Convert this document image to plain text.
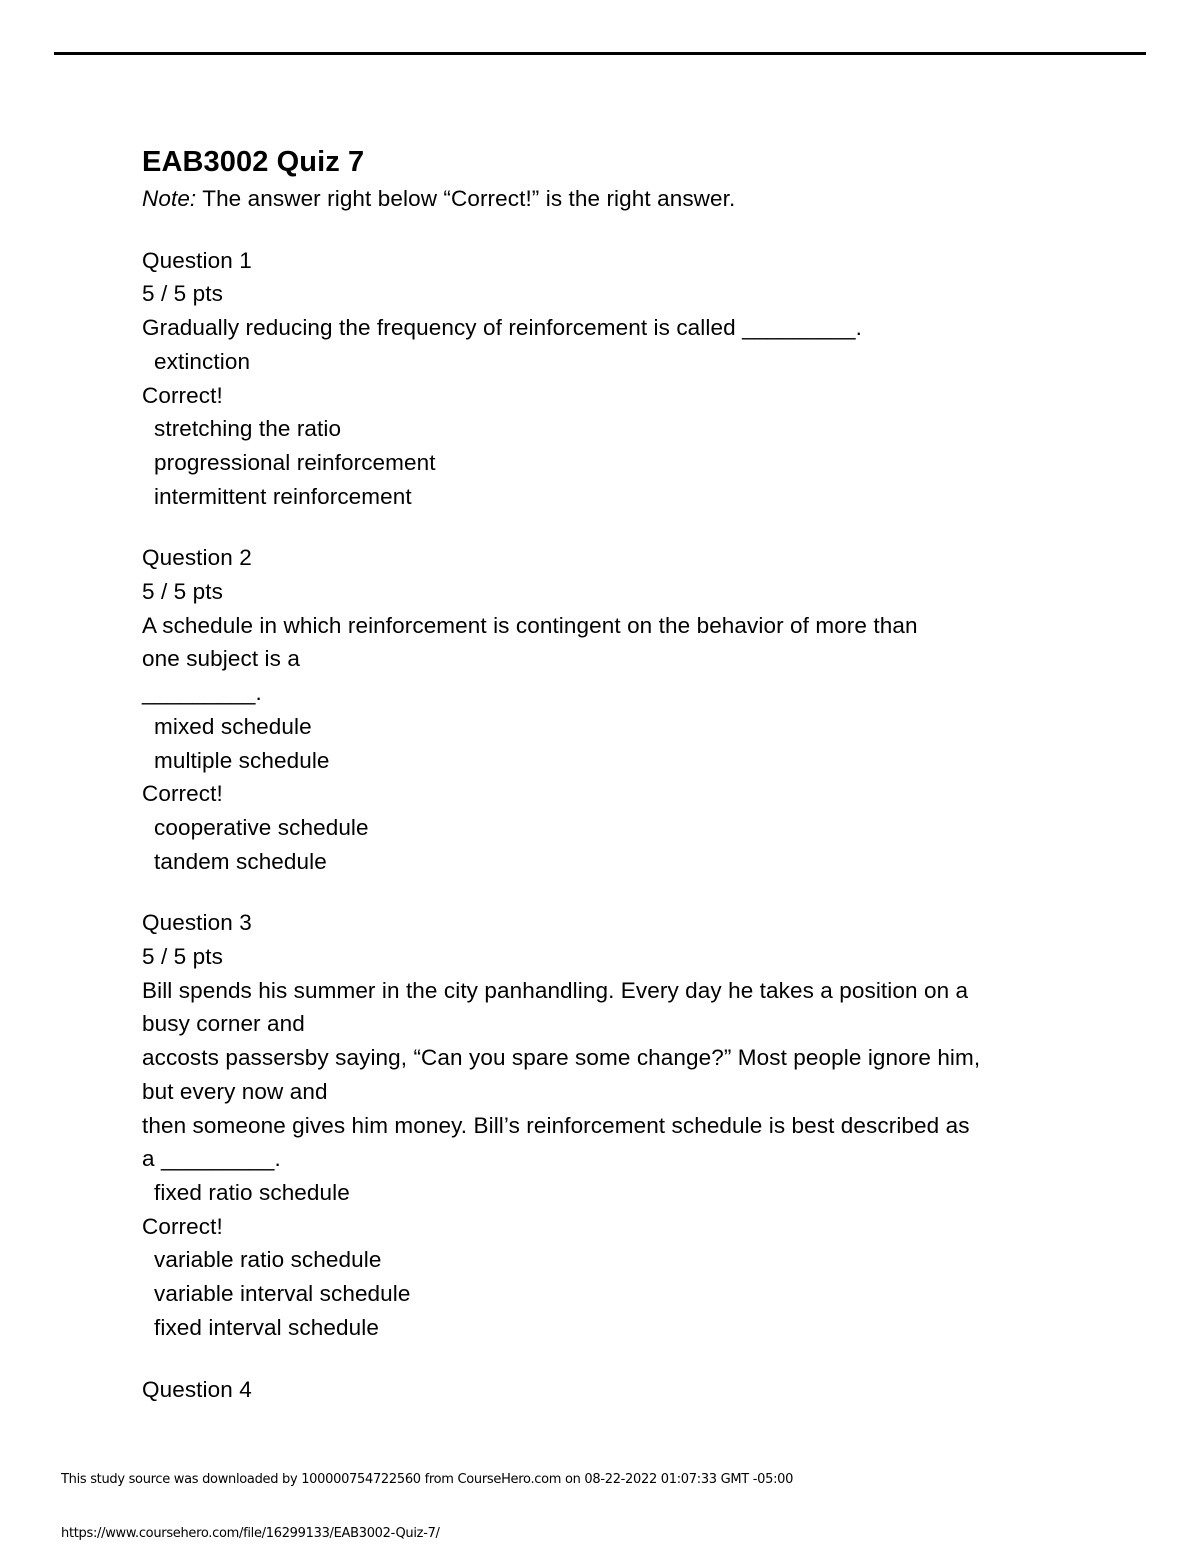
EAB3002 Quiz 7

Note: The answer right below “Correct!” is the right answer.

Question 1
5 / 5 pts
Gradually reducing the frequency of reinforcement is called _________.
extinction
Correct!
stretching the ratio
progressional reinforcement
intermittent reinforcement
Question 2
5 / 5 pts
A schedule in which reinforcement is contingent on the behavior of more than
one subject is a
_________.
mixed schedule
multiple schedule
Correct!
cooperative schedule
tandem schedule
Question 3
5 / 5 pts
Bill spends his summer in the city panhandling. Every day he takes a position on a
busy corner and
accosts passersby saying, “Can you spare some change?” Most people ignore him,
but every now and
then someone gives him money. Bill’s reinforcement schedule is best described as
a _________.
fixed ratio schedule
Correct!
variable ratio schedule
variable interval schedule
fixed interval schedule
Question 4
This study source was downloaded by 100000754722560 from CourseHero.com on 08-22-2022 01:07:33 GMT -05:00
https://www.coursehero.com/file/16299133/EAB3002-Quiz-7/
